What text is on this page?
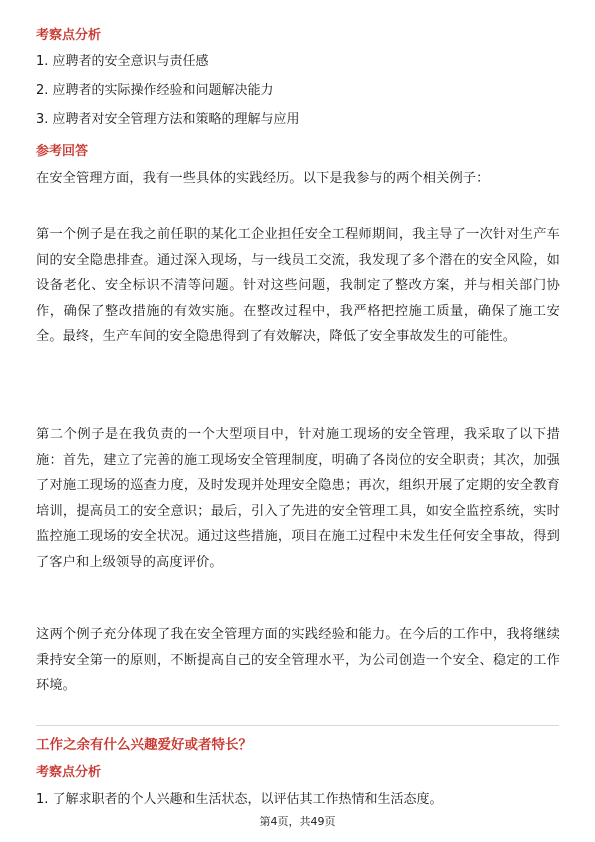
考察点分析
1. 应聘者的安全意识与责任感
2. 应聘者的实际操作经验和问题解决能力
3. 应聘者对安全管理方法和策略的理解与应用
参考回答
在安全管理方面，我有一些具体的实践经历。以下是我参与的两个相关例子：
第一个例子是在我之前任职的某化工企业担任安全工程师期间，我主导了一次针对生产车间的安全隐患排查。通过深入现场，与一线员工交流，我发现了多个潜在的安全风险，如设备老化、安全标识不清等问题。针对这些问题，我制定了整改方案，并与相关部门协作，确保了整改措施的有效实施。在整改过程中，我严格把控施工质量，确保了施工安全。最终，生产车间的安全隐患得到了有效解决，降低了安全事故发生的可能性。
第二个例子是在我负责的一个大型项目中，针对施工现场的安全管理，我采取了以下措施：首先，建立了完善的施工现场安全管理制度，明确了各岗位的安全职责；其次，加强了对施工现场的巡查力度，及时发现并处理安全隐患；再次，组织开展了定期的安全教育培训，提高员工的安全意识；最后，引入了先进的安全管理工具，如安全监控系统，实时监控施工现场的安全状况。通过这些措施，项目在施工过程中未发生任何安全事故，得到了客户和上级领导的高度评价。
这两个例子充分体现了我在安全管理方面的实践经验和能力。在今后的工作中，我将继续秉持安全第一的原则，不断提高自己的安全管理水平，为公司创造一个安全、稳定的工作环境。
工作之余有什么兴趣爱好或者特长？
考察点分析
1. 了解求职者的个人兴趣和生活状态，以评估其工作热情和生活态度。
第4页，共49页
